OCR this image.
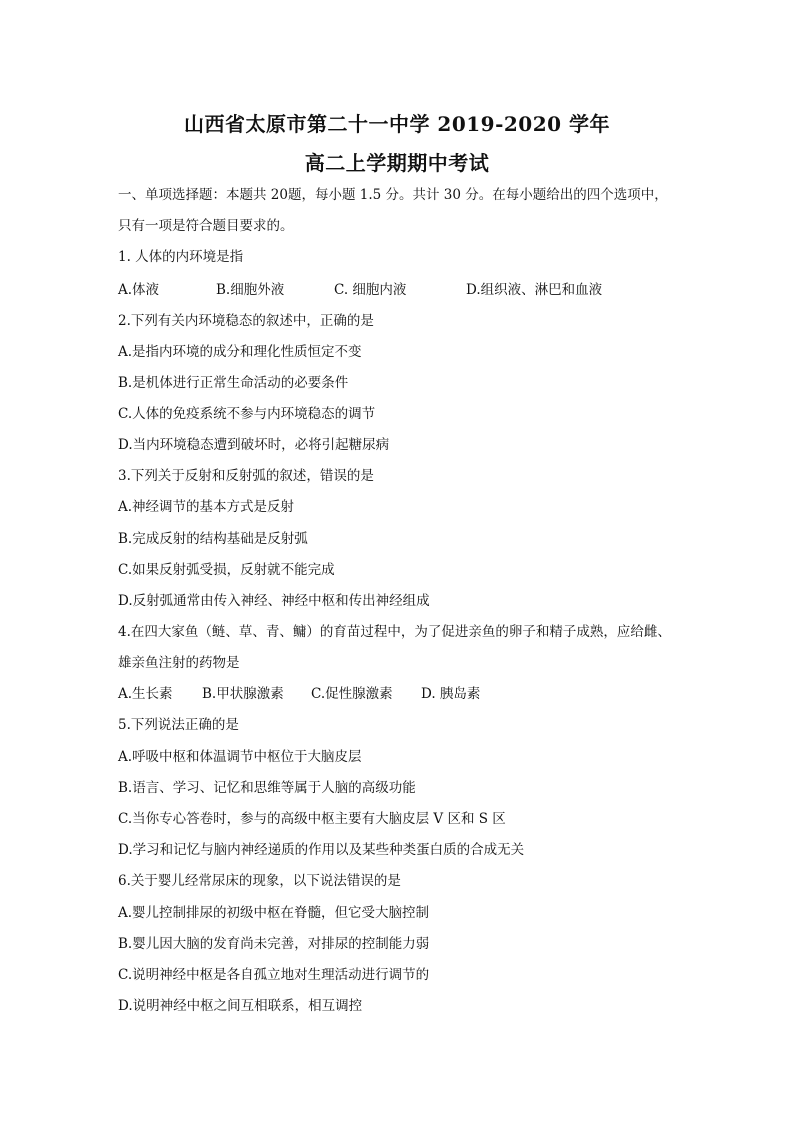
山西省太原市第二十一中学 2019-2020 学年
高二上学期期中考试
一、单项选择题：本题共 20题，每小题 1.5 分。共计 30 分。在每小题给出的四个选项中，
只有一项是符合题目要求的。
1. 人体的内环境是指
A.体液	B.细胞外液	C. 细胞内液	D.组织液、淋巴和血液
2.下列有关内环境稳态的叙述中，正确的是
A.是指内环境的成分和理化性质恒定不变
B.是机体进行正常生命活动的必要条件
C.人体的免疫系统不参与内环境稳态的调节
D.当内环境稳态遭到破坏时，必将引起糖尿病
3.下列关于反射和反射弧的叙述，错误的是
A.神经调节的基本方式是反射
B.完成反射的结构基础是反射弧
C.如果反射弧受损，反射就不能完成
D.反射弧通常由传入神经、神经中枢和传出神经组成
4.在四大家鱼（鲢、草、青、鳙）的育苗过程中，为了促进亲鱼的卵子和精子成熟，应给雌、
雄亲鱼注射的药物是
A.生长素 B.甲状腺激素 C.促性腺激素 D. 胰岛素
5.下列说法正确的是
A.呼吸中枢和体温调节中枢位于大脑皮层
B.语言、学习、记忆和思维等属于人脑的高级功能
C.当你专心答卷时，参与的高级中枢主要有大脑皮层 V 区和 S 区
D.学习和记忆与脑内神经递质的作用以及某些种类蛋白质的合成无关
6.关于婴儿经常尿床的现象，以下说法错误的是
A.婴儿控制排尿的初级中枢在脊髓，但它受大脑控制
B.婴儿因大脑的发育尚未完善，对排尿的控制能力弱
C.说明神经中枢是各自孤立地对生理活动进行调节的
D.说明神经中枢之间互相联系，相互调控
